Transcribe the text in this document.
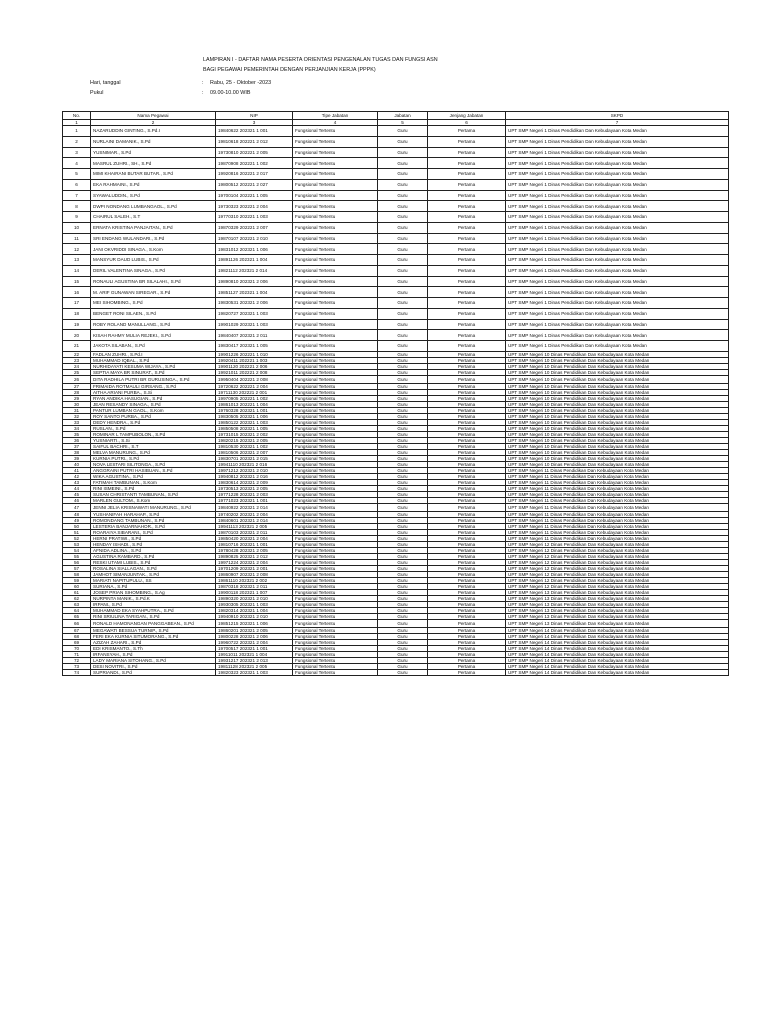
LAMPIRAN I - DAFTAR NAMA PESERTA ORIENTASI PENGENALAN TUGAS DAN FUNGSI ASN
BAGI PEGAWAI PEMERINTAH DENGAN PERJANJIAN KERJA (PPPK)
Hari, tanggal	:	Rabu, 25 - Oktober -2023
Pukul	:	09.00-10.00 WIB
No.	Nama Pegawai	NIP	Tipe Jabatan	Jabatan	Jenjang Jabatan	SKPD
1	2	3	4	5	6	7
1	NAZARUDDIN GINTING., S.Pd.I	19840622 202321 1 001	Fungsional Tertentu	Guru	Pertama	UPT SMP Negeri 1 Dinas Pendidikan Dan Kebudayaan Kota Medan
2	NURLAINI DAMANIK., S.Pd	19810618 202221 2 012	Fungsional Tertentu	Guru	Pertama	UPT SMP Negeri 1 Dinas Pendidikan Dan Kebudayaan Kota Medan
3	YUSNIMAR., S.Pd	19730810 202221 2 005	Fungsional Tertentu	Guru	Pertama	UPT SMP Negeri 1 Dinas Pendidikan Dan Kebudayaan Kota Medan
4	MASRUL ZUHRI., SH., S.Pd	19870908 202221 1 002	Fungsional Tertentu	Guru	Pertama	UPT SMP Negeri 1 Dinas Pendidikan Dan Kebudayaan Kota Medan
5	MIMI KHAIRANI BUTAR BUTAR., S.Pd	19920816 202221 2 017	Fungsional Tertentu	Guru	Pertama	UPT SMP Negeri 1 Dinas Pendidikan Dan Kebudayaan Kota Medan
6	EKA RAHMAINI., S.Pd	19800512 202221 2 027	Fungsional Tertentu	Guru	Pertama	UPT SMP Negeri 1 Dinas Pendidikan Dan Kebudayaan Kota Medan
7	SYAWALUDDIN., S.Pd	19700104 202221 1 005	Fungsional Tertentu	Guru	Pertama	UPT SMP Negeri 1 Dinas Pendidikan Dan Kebudayaan Kota Medan
8	DWPI NONDANG LUMBANGAOL., S.Pd	19730323 202221 2 004	Fungsional Tertentu	Guru	Pertama	UPT SMP Negeri 1 Dinas Pendidikan Dan Kebudayaan Kota Medan
9	CHAIRUL SALEH., S.T	19770310 202221 1 003	Fungsional Tertentu	Guru	Pertama	UPT SMP Negeri 1 Dinas Pendidikan Dan Kebudayaan Kota Medan
10	ERNATA KRISTINA PANJAITAN., S.Pd	19870329 202221 2 007	Fungsional Tertentu	Guru	Pertama	UPT SMP Negeri 1 Dinas Pendidikan Dan Kebudayaan Kota Medan
11	SRI ENDANG WULANDARI., S.Pd	19870107 202221 2 010	Fungsional Tertentu	Guru	Pertama	UPT SMP Negeri 1 Dinas Pendidikan Dan Kebudayaan Kota Medan
12	JANI OKVRIDDI SINAGA., S.Kom	19831012 202321 1 006	Fungsional Tertentu	Guru	Pertama	UPT SMP Negeri 1 Dinas Pendidikan Dan Kebudayaan Kota Medan
13	MANSYUR DAUD LUBIS., S.Pd	19891126 202321 1 004	Fungsional Tertentu	Guru	Pertama	UPT SMP Negeri 1 Dinas Pendidikan Dan Kebudayaan Kota Medan
14	DERIL VALENTINA SINAGA., S.Pd	19821112 202321 2 014	Fungsional Tertentu	Guru	Pertama	UPT SMP Negeri 1 Dinas Pendidikan Dan Kebudayaan Kota Medan
15	RONAULI AGUSTINA BR SILALAHI., S.Pd	19890810 202321 2 006	Fungsional Tertentu	Guru	Pertama	UPT SMP Negeri 1 Dinas Pendidikan Dan Kebudayaan Kota Medan
16	M. ARIF GUNAWAN SIREGAR., S.Pd	19851127 202321 1 004	Fungsional Tertentu	Guru	Pertama	UPT SMP Negeri 1 Dinas Pendidikan Dan Kebudayaan Kota Medan
17	MEI SIHOMBING., S.Pd	19830531 202321 2 006	Fungsional Tertentu	Guru	Pertama	UPT SMP Negeri 1 Dinas Pendidikan Dan Kebudayaan Kota Medan
18	BENGET RONI SILAEN., S.Pd	19820727 202321 1 003	Fungsional Tertentu	Guru	Pertama	UPT SMP Negeri 1 Dinas Pendidikan Dan Kebudayaan Kota Medan
19	ROBY ROLAND MANULLANG., S.Pd	19901029 202321 1 003	Fungsional Tertentu	Guru	Pertama	UPT SMP Negeri 1 Dinas Pendidikan Dan Kebudayaan Kota Medan
20	KISAH RAHMY MULIA REJEKI., S.Pd	19840407 202321 2 011	Fungsional Tertentu	Guru	Pertama	UPT SMP Negeri 1 Dinas Pendidikan Dan Kebudayaan Kota Medan
21	JAKOTA SILABAN., S.Pd	19830417 202321 1 005	Fungsional Tertentu	Guru	Pertama	UPT SMP Negeri 1 Dinas Pendidikan Dan Kebudayaan Kota Medan
22	FADLAN ZUHRI., S.Pd.I	19901226 202221 1 010	Fungsional Tertentu	Guru	Pertama	UPT SMP Negeri 10 Dinas Pendidikan Dan Kebudayaan Kota Medan
23	MUHAMMAD IQBAL., S.Pd	19920411 202221 1 003	Fungsional Tertentu	Guru	Pertama	UPT SMP Negeri 10 Dinas Pendidikan Dan Kebudayaan Kota Medan
24	NURHIDAYATI KESUMA WIJAYA., S.Pd	19901120 202221 2 006	Fungsional Tertentu	Guru	Pertama	UPT SMP Negeri 10 Dinas Pendidikan Dan Kebudayaan Kota Medan
25	SEPTIA MAYA BR SINURAT., S.Pd	19921011 202221 2 008	Fungsional Tertentu	Guru	Pertama	UPT SMP Negeri 10 Dinas Pendidikan Dan Kebudayaan Kota Medan
26	DITA RADHILA PUTRI BR GURUSINGA., S.Pd	19950404 202221 2 008	Fungsional Tertentu	Guru	Pertama	UPT SMP Negeri 10 Dinas Pendidikan Dan Kebudayaan Kota Medan
27	FRIMAIDA ROTMAULI GIRSANG., S.Pd	19720622 202221 2 004	Fungsional Tertentu	Guru	Pertama	UPT SMP Negeri 10 Dinas Pendidikan Dan Kebudayaan Kota Medan
28	AITHA ARIANI PURBA., S.Si	19711130 202221 2 001	Fungsional Tertentu	Guru	Pertama	UPT SMP Negeri 10 Dinas Pendidikan Dan Kebudayaan Kota Medan
29	RYAN ANDIKA HASUGIAN., S.Pd	19970905 202221 1 002	Fungsional Tertentu	Guru	Pertama	UPT SMP Negeri 10 Dinas Pendidikan Dan Kebudayaan Kota Medan
30	JEAN RESANDY SINAGA., S.Pd	19861013 202221 1 004	Fungsional Tertentu	Guru	Pertama	UPT SMP Negeri 10 Dinas Pendidikan Dan Kebudayaan Kota Medan
31	PANTUR LUMBAN GAOL., S.Kom	19760328 202321 1 001	Fungsional Tertentu	Guru	Pertama	UPT SMP Negeri 10 Dinas Pendidikan Dan Kebudayaan Kota Medan
32	ROY SANTO PURBA., S.Pd	19830505 202321 1 006	Fungsional Tertentu	Guru	Pertama	UPT SMP Negeri 10 Dinas Pendidikan Dan Kebudayaan Kota Medan
33	DEDY HENDRA., S.Pd	19850122 202321 1 003	Fungsional Tertentu	Guru	Pertama	UPT SMP Negeri 10 Dinas Pendidikan Dan Kebudayaan Kota Medan
34	RUSLAN., S.Pd	19850508 202321 1 005	Fungsional Tertentu	Guru	Pertama	UPT SMP Negeri 10 Dinas Pendidikan Dan Kebudayaan Kota Medan
35	ROMINAR L TAMPUBOLON., S.Pd	19731015 202321 2 002	Fungsional Tertentu	Guru	Pertama	UPT SMP Negeri 10 Dinas Pendidikan Dan Kebudayaan Kota Medan
36	YUSNIARTI., S.Si	19820215 202321 2 005	Fungsional Tertentu	Guru	Pertama	UPT SMP Negeri 10 Dinas Pendidikan Dan Kebudayaan Kota Medan
37	SAIFUL BACHRI., S.T	19810530 202321 1 002	Fungsional Tertentu	Guru	Pertama	UPT SMP Negeri 10 Dinas Pendidikan Dan Kebudayaan Kota Medan
38	MELVA MANURUNG., S.Pd	19810506 202321 2 007	Fungsional Tertentu	Guru	Pertama	UPT SMP Negeri 10 Dinas Pendidikan Dan Kebudayaan Kota Medan
39	KURNIA PUTRI., S.Pd	19830701 202321 2 015	Fungsional Tertentu	Guru	Pertama	UPT SMP Negeri 10 Dinas Pendidikan Dan Kebudayaan Kota Medan
40	NOVA LESTARI SILITONGA., S.Pd	19941110 202321 2 016	Fungsional Tertentu	Guru	Pertama	UPT SMP Negeri 10 Dinas Pendidikan Dan Kebudayaan Kota Medan
41	ANGGRAINI PUTRI HASIBUAN., S.Pd	19971212 202321 2 010	Fungsional Tertentu	Guru	Pertama	UPT SMP Negeri 11 Dinas Pendidikan Dan Kebudayaan Kota Medan
42	WIKA AGUSTINA., S.Pd	19940812 202321 2 016	Fungsional Tertentu	Guru	Pertama	UPT SMP Negeri 11 Dinas Pendidikan Dan Kebudayaan Kota Medan
43	FATIMAH TAMBUNAN., S.Kom	19830614 202321 2 009	Fungsional Tertentu	Guru	Pertama	UPT SMP Negeri 11 Dinas Pendidikan Dan Kebudayaan Kota Medan
44	RINI ISMEINI., S.Pd	19730513 202321 2 005	Fungsional Tertentu	Guru	Pertama	UPT SMP Negeri 11 Dinas Pendidikan Dan Kebudayaan Kota Medan
45	SUSAN CHRISTANTI TAMBUNAN., S.Pd	19771228 202321 2 003	Fungsional Tertentu	Guru	Pertama	UPT SMP Negeri 11 Dinas Pendidikan Dan Kebudayaan Kota Medan
46	MARLEN GULTOM., S.Kom	19771023 202321 1 001	Fungsional Tertentu	Guru	Pertama	UPT SMP Negeri 11 Dinas Pendidikan Dan Kebudayaan Kota Medan
47	JENNI JELIA KRISNAWATI MANURUNG., S.Pd	19840922 202321 2 014	Fungsional Tertentu	Guru	Pertama	UPT SMP Negeri 11 Dinas Pendidikan Dan Kebudayaan Kota Medan
48	YUSHANIFAH HARAHAP., S.Pd	19740202 202321 2 004	Fungsional Tertentu	Guru	Pertama	UPT SMP Negeri 11 Dinas Pendidikan Dan Kebudayaan Kota Medan
49	ROMONDANG TAMBUNAN., S.Pd	19840601 202321 2 014	Fungsional Tertentu	Guru	Pertama	UPT SMP Negeri 11 Dinas Pendidikan Dan Kebudayaan Kota Medan
50	LESTERIA BANJARNAHOR., S.Pd	19941113 202321 2 005	Fungsional Tertentu	Guru	Pertama	UPT SMP Negeri 11 Dinas Pendidikan Dan Kebudayaan Kota Medan
51	ROARAIYA SIBARANI., S.Pd	19870103 202321 2 011	Fungsional Tertentu	Guru	Pertama	UPT SMP Negeri 11 Dinas Pendidikan Dan Kebudayaan Kota Medan
52	HERNI PRATIWI., S.Pd	19850420 202321 2 004	Fungsional Tertentu	Guru	Pertama	UPT SMP Negeri 11 Dinas Pendidikan Dan Kebudayaan Kota Medan
53	HENDAY ISHADI., S.Pd	19810716 202321 1 001	Fungsional Tertentu	Guru	Pertama	UPT SMP Negeri 12 Dinas Pendidikan Dan Kebudayaan Kota Medan
54	AFNIDA ADLINA., S.Pd	19780428 202321 2 005	Fungsional Tertentu	Guru	Pertama	UPT SMP Negeri 12 Dinas Pendidikan Dan Kebudayaan Kota Medan
55	AGUSTINA RAMBARD., S.Pd	19890825 202321 2 012	Fungsional Tertentu	Guru	Pertama	UPT SMP Negeri 12 Dinas Pendidikan Dan Kebudayaan Kota Medan
56	RESKI UTAMI LUBIS., S.Pd	19971224 202321 2 004	Fungsional Tertentu	Guru	Pertama	UPT SMP Negeri 12 Dinas Pendidikan Dan Kebudayaan Kota Medan
57	ROSALINA SIALLAGAN., S.Pd	19701209 202321 2 001	Fungsional Tertentu	Guru	Pertama	UPT SMP Negeri 12 Dinas Pendidikan Dan Kebudayaan Kota Medan
58	JAMHOT SIMANJUNTAK., S.Pd	19860907 202321 2 008	Fungsional Tertentu	Guru	Pertama	UPT SMP Negeri 12 Dinas Pendidikan Dan Kebudayaan Kota Medan
59	MARIATI NAPITUPULU., SS	19861110 202321 2 002	Fungsional Tertentu	Guru	Pertama	UPT SMP Negeri 12 Dinas Pendidikan Dan Kebudayaan Kota Medan
60	SURIANA., S.Pd	19870318 202321 2 011	Fungsional Tertentu	Guru	Pertama	UPT SMP Negeri 12 Dinas Pendidikan Dan Kebudayaan Kota Medan
61	JOSEP PRIAN SIHOMBING., S.Ag	19900118 202321 1 007	Fungsional Tertentu	Guru	Pertama	UPT SMP Negeri 13 Dinas Pendidikan Dan Kebudayaan Kota Medan
62	NURPINTA MANIK., S.Pd.K	19890320 202321 2 010	Fungsional Tertentu	Guru	Pertama	UPT SMP Negeri 13 Dinas Pendidikan Dan Kebudayaan Kota Medan
63	IRPANI., S.Pd	19930305 202321 1 003	Fungsional Tertentu	Guru	Pertama	UPT SMP Negeri 13 Dinas Pendidikan Dan Kebudayaan Kota Medan
64	MUHAMMAD EKA SYAHPUTRA., S.Pd	19820314 202321 1 004	Fungsional Tertentu	Guru	Pertama	UPT SMP Negeri 13 Dinas Pendidikan Dan Kebudayaan Kota Medan
65	RINI SRIULINA TARIGAN., S.Pd	19940910 202321 2 010	Fungsional Tertentu	Guru	Pertama	UPT SMP Negeri 13 Dinas Pendidikan Dan Kebudayaan Kota Medan
66	RONALD HAMONANGAN PANGGABEAN., S.Pd	19851215 202321 1 006	Fungsional Tertentu	Guru	Pertama	UPT SMP Negeri 13 Dinas Pendidikan Dan Kebudayaan Kota Medan
67	MEGAWATI BESSUA TURNIP., S.Pd	19860201 202321 2 005	Fungsional Tertentu	Guru	Pertama	UPT SMP Negeri 14 Dinas Pendidikan Dan Kebudayaan Kota Medan
68	FERI EKA KURNIA SITUMORANG., S.Pd	19800228 202321 2 006	Fungsional Tertentu	Guru	Pertama	UPT SMP Negeri 14 Dinas Pendidikan Dan Kebudayaan Kota Medan
69	AZIZAH ZAHARI., S.Pd	19960722 202321 2 004	Fungsional Tertentu	Guru	Pertama	UPT SMP Negeri 14 Dinas Pendidikan Dan Kebudayaan Kota Medan
70	EDI KRISMANTO., S.Th	19700517 202321 1 001	Fungsional Tertentu	Guru	Pertama	UPT SMP Negeri 14 Dinas Pendidikan Dan Kebudayaan Kota Medan
71	IRFANSYAH., S.Pd	19911011 202321 1 004	Fungsional Tertentu	Guru	Pertama	UPT SMP Negeri 14 Dinas Pendidikan Dan Kebudayaan Kota Medan
72	LADY MARIANA SITOHANG., S.Pd	19931217 202321 2 013	Fungsional Tertentu	Guru	Pertama	UPT SMP Negeri 14 Dinas Pendidikan Dan Kebudayaan Kota Medan
73	DESI NOVITRI., S.Pd	19811128 202321 2 005	Fungsional Tertentu	Guru	Pertama	UPT SMP Negeri 14 Dinas Pendidikan Dan Kebudayaan Kota Medan
74	SUPRIANDI., S.Pd	19820323 202321 1 003	Fungsional Tertentu	Guru	Pertama	UPT SMP Negeri 14 Dinas Pendidikan Dan Kebudayaan Kota Medan
